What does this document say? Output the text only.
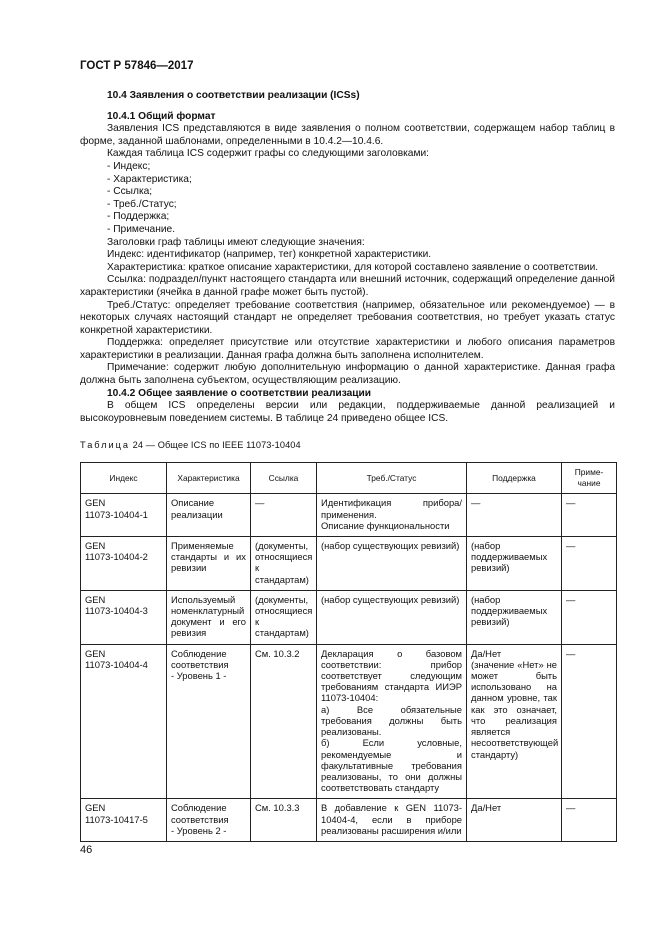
ГОСТ Р 57846—2017
10.4 Заявления о соответствии реализации (ICSs)
10.4.1 Общий формат

Заявления ICS представляются в виде заявления о полном соответствии, содержащем набор таблиц в форме, заданной шаблонами, определенными в 10.4.2—10.4.6.

Каждая таблица ICS содержит графы со следующими заголовками:

- Индекс;
- Характеристика;
- Ссылка;
- Треб./Статус;
- Поддержка;
- Примечание.

Заголовки граф таблицы имеют следующие значения:

Индекс: идентификатор (например, тег) конкретной характеристики.

Характеристика: краткое описание характеристики, для которой составлено заявление о соответствии.

Ссылка: подраздел/пункт настоящего стандарта или внешний источник, содержащий определение данной характеристики (ячейка в данной графе может быть пустой).

Треб./Статус: определяет требование соответствия (например, обязательное или рекомендуемое) — в некоторых случаях настоящий стандарт не определяет требования соответствия, но требует указать статус конкретной характеристики.

Поддержка: определяет присутствие или отсутствие характеристики и любого описания параметров характеристики в реализации. Данная графа должна быть заполнена исполнителем.

Примечание: содержит любую дополнительную информацию о данной характеристике. Данная графа должна быть заполнена субъектом, осуществляющим реализацию.

10.4.2 Общее заявление о соответствии реализации

В общем ICS определены версии или редакции, поддерживаемые данной реализацией и высокоуровневым поведением системы. В таблице 24 приведено общее ICS.

Таблица 24 — Общее ICS по IEEE 11073-10404
Индекс	Характеристика	Ссылка	Треб./Статус	Поддержка	Приме-
чание
GEN
11073-10404-1	Описание реализации	—	Идентификация прибора/применения.
Описание функциональности	—	—
GEN
11073-10404-2	Применяемые стандарты и их ревизии	(документы, относящиеся к стандартам)	(набор существующих ревизий)	(набор поддерживаемых ревизий)	—
GEN
11073-10404-3	Используемый номенклатурный документ и его ревизия	(документы, относящиеся к стандартам)	(набор существующих ревизий)	(набор поддерживаемых ревизий)	—
GEN
11073-10404-4	Соблюдение соответствия
- Уровень 1 -	См. 10.3.2	Декларация о базовом соответствии: прибор соответствует следующим требованиям стандарта ИИЭР 11073-10404:
а) Все обязательные требования должны быть реализованы.
б) Если условные, рекомендуемые и факультативные требования реализованы, то они должны соответствовать стандарту	Да/Нет
(значение «Нет» не может быть использовано на данном уровне, так как это означает, что реализация является несоответствующей стандарту)	—
GEN
11073-10417-5	Соблюдение соответствия
- Уровень 2 -	См. 10.3.3	В добавление к GEN 11073-10404-4, если в приборе реализованы расширения и/или	Да/Нет	—
46
